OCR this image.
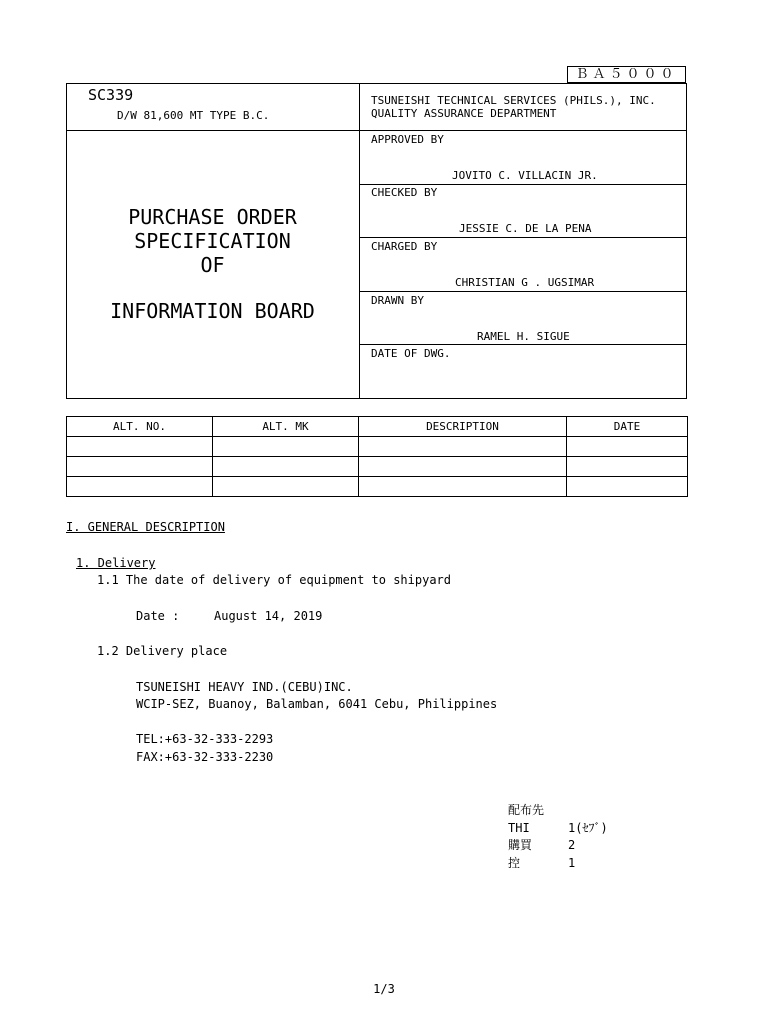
ＢＡ５０００
SC339
D/W 81,600 MT TYPE B.C.
TSUNEISHI TECHNICAL SERVICES (PHILS.), INC.
QUALITY ASSURANCE DEPARTMENT
PURCHASE ORDER
SPECIFICATION
OF
INFORMATION BOARD
APPROVED BY
JOVITO C. VILLACIN JR.
CHECKED BY
JESSIE C. DE LA PENA
CHARGED BY
CHRISTIAN G . UGSIMAR
DRAWN BY
RAMEL H. SIGUE
DATE OF DWG.
ALT. NO.	ALT. MK	DESCRIPTION	DATE

I. GENERAL DESCRIPTION
1. Delivery
1.1 The date of delivery of equipment to shipyard
Date :	August 14, 2019
1.2 Delivery place
TSUNEISHI HEAVY IND.(CEBU)INC.
WCIP-SEZ, Buanoy, Balamban, 6041 Cebu, Philippines
TEL:+63-32-333-2293
FAX:+63-32-333-2230
配布先
THI	1(ｾﾌﾞ)
購買	2
控	1
1/3
